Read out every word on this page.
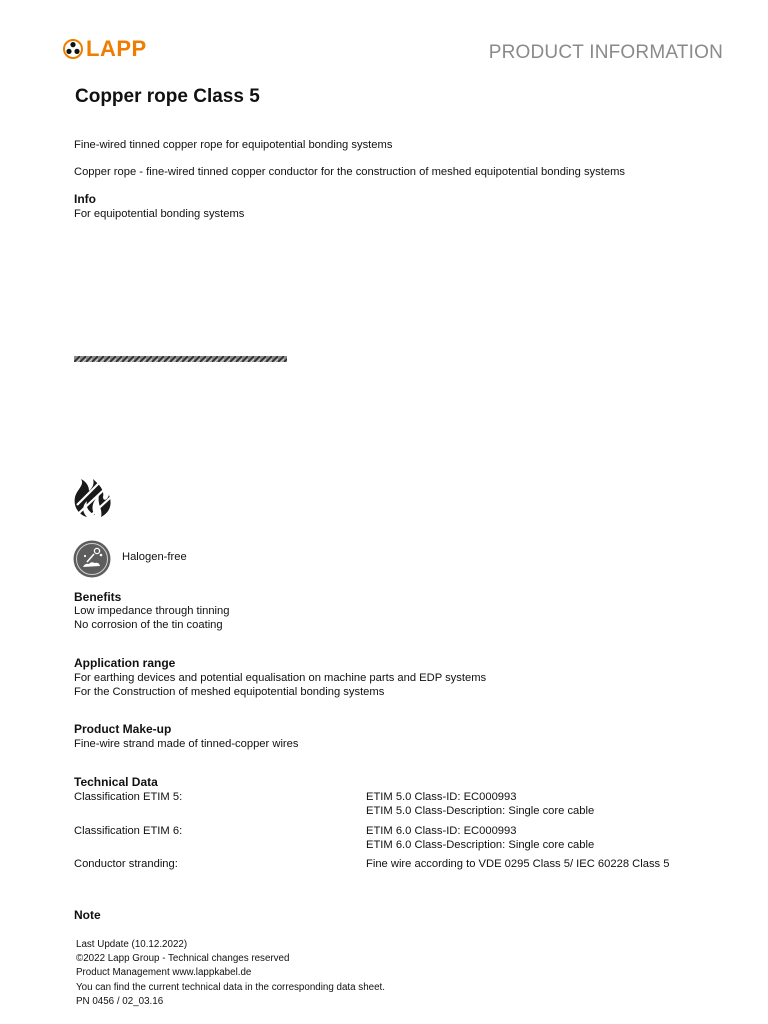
LAPP	PRODUCT INFORMATION
Copper rope Class 5
Fine-wired tinned copper rope for equipotential bonding systems
Copper rope - fine-wired tinned copper conductor for the construction of meshed equipotential bonding systems
Info
For equipotential bonding systems
Halogen-free
Benefits
Low impedance through tinning
No corrosion of the tin coating
Application range
For earthing devices and potential equalisation on machine parts and EDP systems
For the Construction of meshed equipotential bonding systems
Product Make-up
Fine-wire strand made of tinned-copper wires
Technical Data
Classification ETIM 5:	ETIM 5.0 Class-ID: EC000993
ETIM 5.0 Class-Description: Single core cable
Classification ETIM 6:	ETIM 6.0 Class-ID: EC000993
ETIM 6.0 Class-Description: Single core cable
Conductor stranding:	Fine wire according to VDE 0295 Class 5/ IEC 60228 Class 5
Note
Last Update (10.12.2022)
©2022 Lapp Group - Technical changes reserved
Product Management www.lappkabel.de
You can find the current technical data in the corresponding data sheet.
PN 0456 / 02_03.16
